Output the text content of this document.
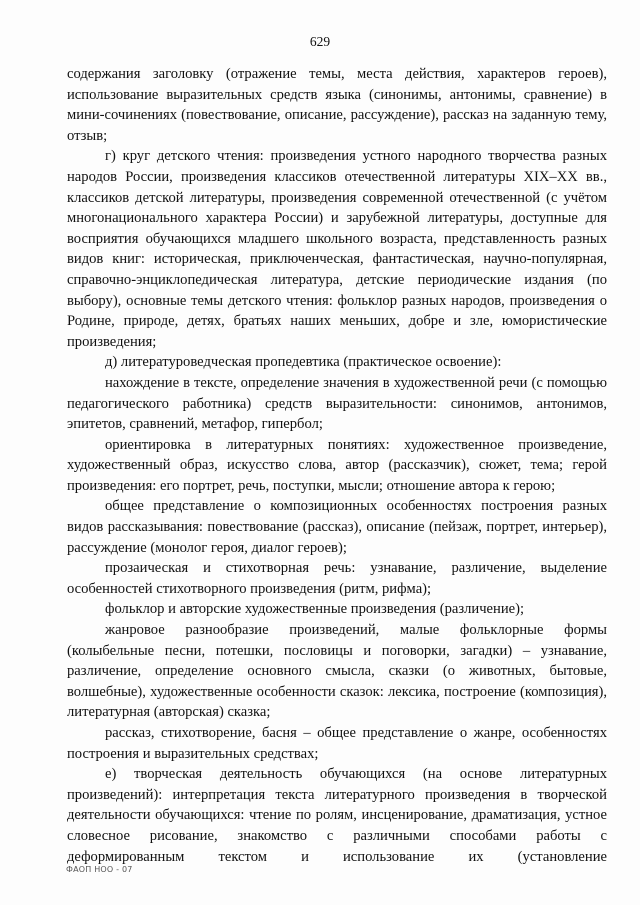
629

содержания заголовку (отражение темы, места действия, характеров героев), использование выразительных средств языка (синонимы, антонимы, сравнение) в мини-сочинениях (повествование, описание, рассуждение), рассказ на заданную тему, отзыв;

г) круг детского чтения: произведения устного народного творчества разных народов России, произведения классиков отечественной литературы XIX–XX вв., классиков детской литературы, произведения современной отечественной (с учётом многонационального характера России) и зарубежной литературы, доступные для восприятия обучающихся младшего школьного возраста, представленность разных видов книг: историческая, приключенческая, фантастическая, научно-популярная, справочно-энциклопедическая литература, детские периодические издания (по выбору), основные темы детского чтения: фольклор разных народов, произведения о Родине, природе, детях, братьях наших меньших, добре и зле, юмористические произведения;

д) литературоведческая пропедевтика (практическое освоение):

нахождение в тексте, определение значения в художественной речи (с помощью педагогического работника) средств выразительности: синонимов, антонимов, эпитетов, сравнений, метафор, гипербол;

ориентировка в литературных понятиях: художественное произведение, художественный образ, искусство слова, автор (рассказчик), сюжет, тема; герой произведения: его портрет, речь, поступки, мысли; отношение автора к герою;

общее представление о композиционных особенностях построения разных видов рассказывания: повествование (рассказ), описание (пейзаж, портрет, интерьер), рассуждение (монолог героя, диалог героев);

прозаическая и стихотворная речь: узнавание, различение, выделение особенностей стихотворного произведения (ритм, рифма);

фольклор и авторские художественные произведения (различение);

жанровое разнообразие произведений, малые фольклорные формы (колыбельные песни, потешки, пословицы и поговорки, загадки) – узнавание, различение, определение основного смысла, сказки (о животных, бытовые, волшебные), художественные особенности сказок: лексика, построение (композиция), литературная (авторская) сказка;

рассказ, стихотворение, басня – общее представление о жанре, особенностях построения и выразительных средствах;

е) творческая деятельность обучающихся (на основе литературных произведений): интерпретация текста литературного произведения в творческой деятельности обучающихся: чтение по ролям, инсценирование, драматизация, устное словесное рисование, знакомство с различными способами работы с деформированным текстом и использование их (установление

ФАОП НОО - 07
